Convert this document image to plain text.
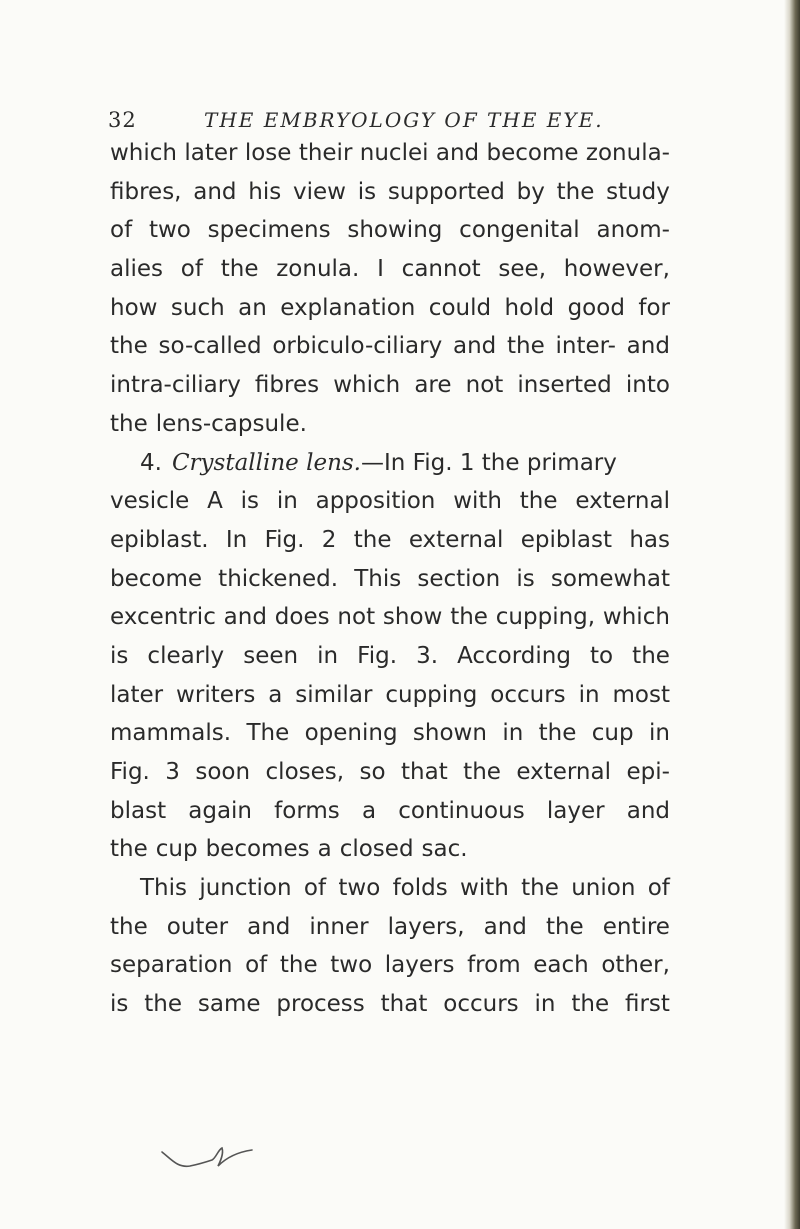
32	THE EMBRYOLOGY OF THE EYE.
which later lose their nuclei and become zonula-
fibres, and his view is supported by the study
of two specimens showing congenital anom-
alies of the zonula. I cannot see, however,
how such an explanation could hold good for
the so-called orbiculo-ciliary and the inter- and
intra-ciliary fibres which are not inserted into
the lens-capsule.
4. Crystalline lens. —In Fig. 1 the primary
vesicle A is in apposition with the external
epiblast. In Fig. 2 the external epiblast has
become thickened. This section is somewhat
excentric and does not show the cupping, which
is clearly seen in Fig. 3. According to the
later writers a similar cupping occurs in most
mammals. The opening shown in the cup in
Fig. 3 soon closes, so that the external epi-
blast again forms a continuous layer and
the cup becomes a closed sac.
This junction of two folds with the union of
the outer and inner layers, and the entire
separation of the two layers from each other,
is the same process that occurs in the first
